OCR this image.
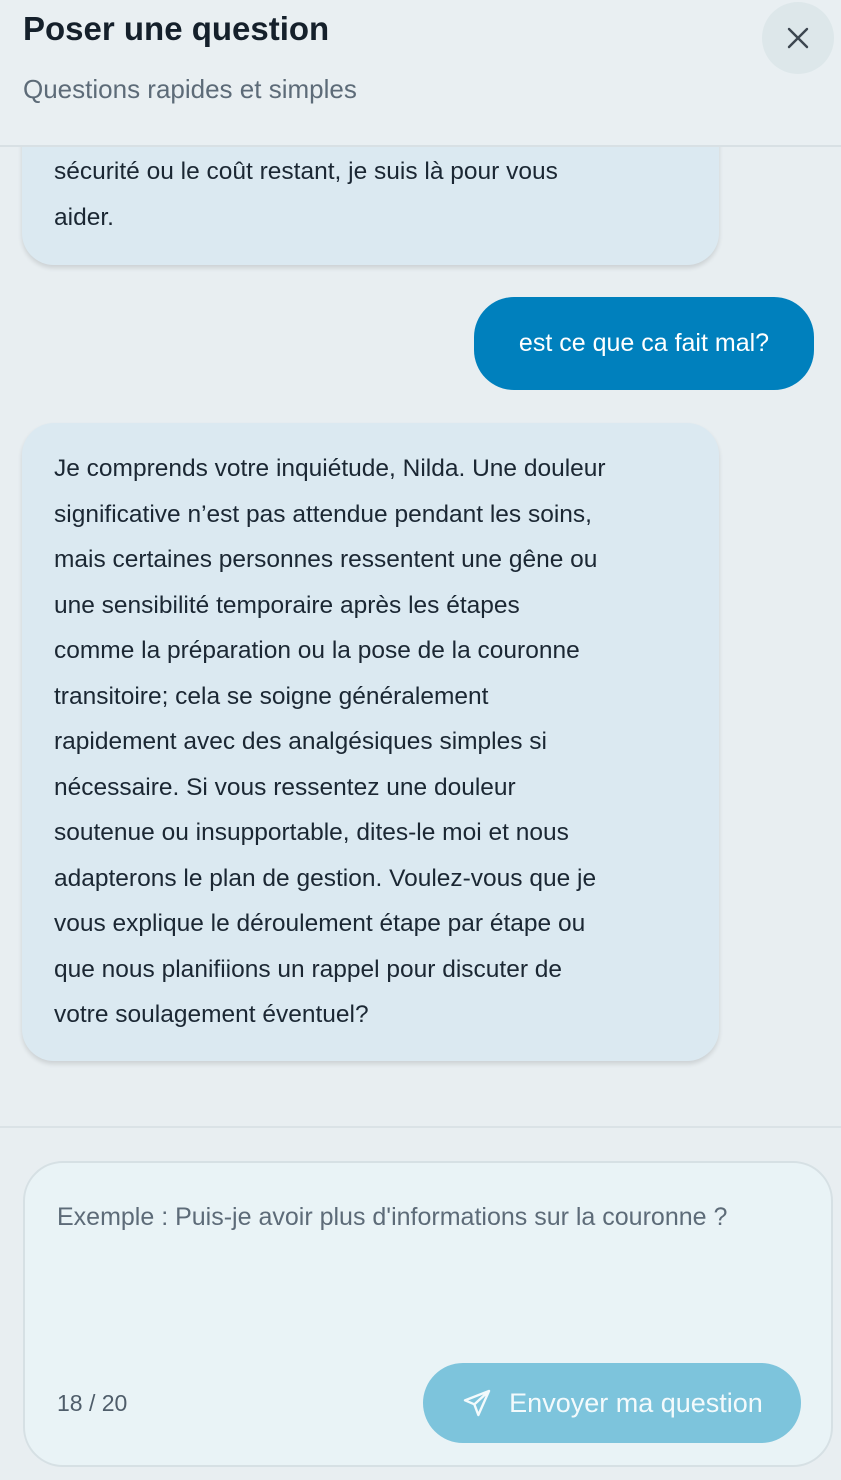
Poser une question
Questions rapides et simples
sécurité ou le coût restant, je suis là pour vous
aider.
est ce que ca fait mal?
Je comprends votre inquiétude, Nilda. Une douleur
significative n’est pas attendue pendant les soins,
mais certaines personnes ressentent une gêne ou
une sensibilité temporaire après les étapes
comme la préparation ou la pose de la couronne
transitoire; cela se soigne généralement
rapidement avec des analgésiques simples si
nécessaire. Si vous ressentez une douleur
soutenue ou insupportable, dites-le moi et nous
adapterons le plan de gestion. Voulez-vous que je
vous explique le déroulement étape par étape ou
que nous planifiions un rappel pour discuter de
votre soulagement éventuel?
Exemple : Puis-je avoir plus d'informations sur la couronne ?
18 / 20	Envoyer ma question
